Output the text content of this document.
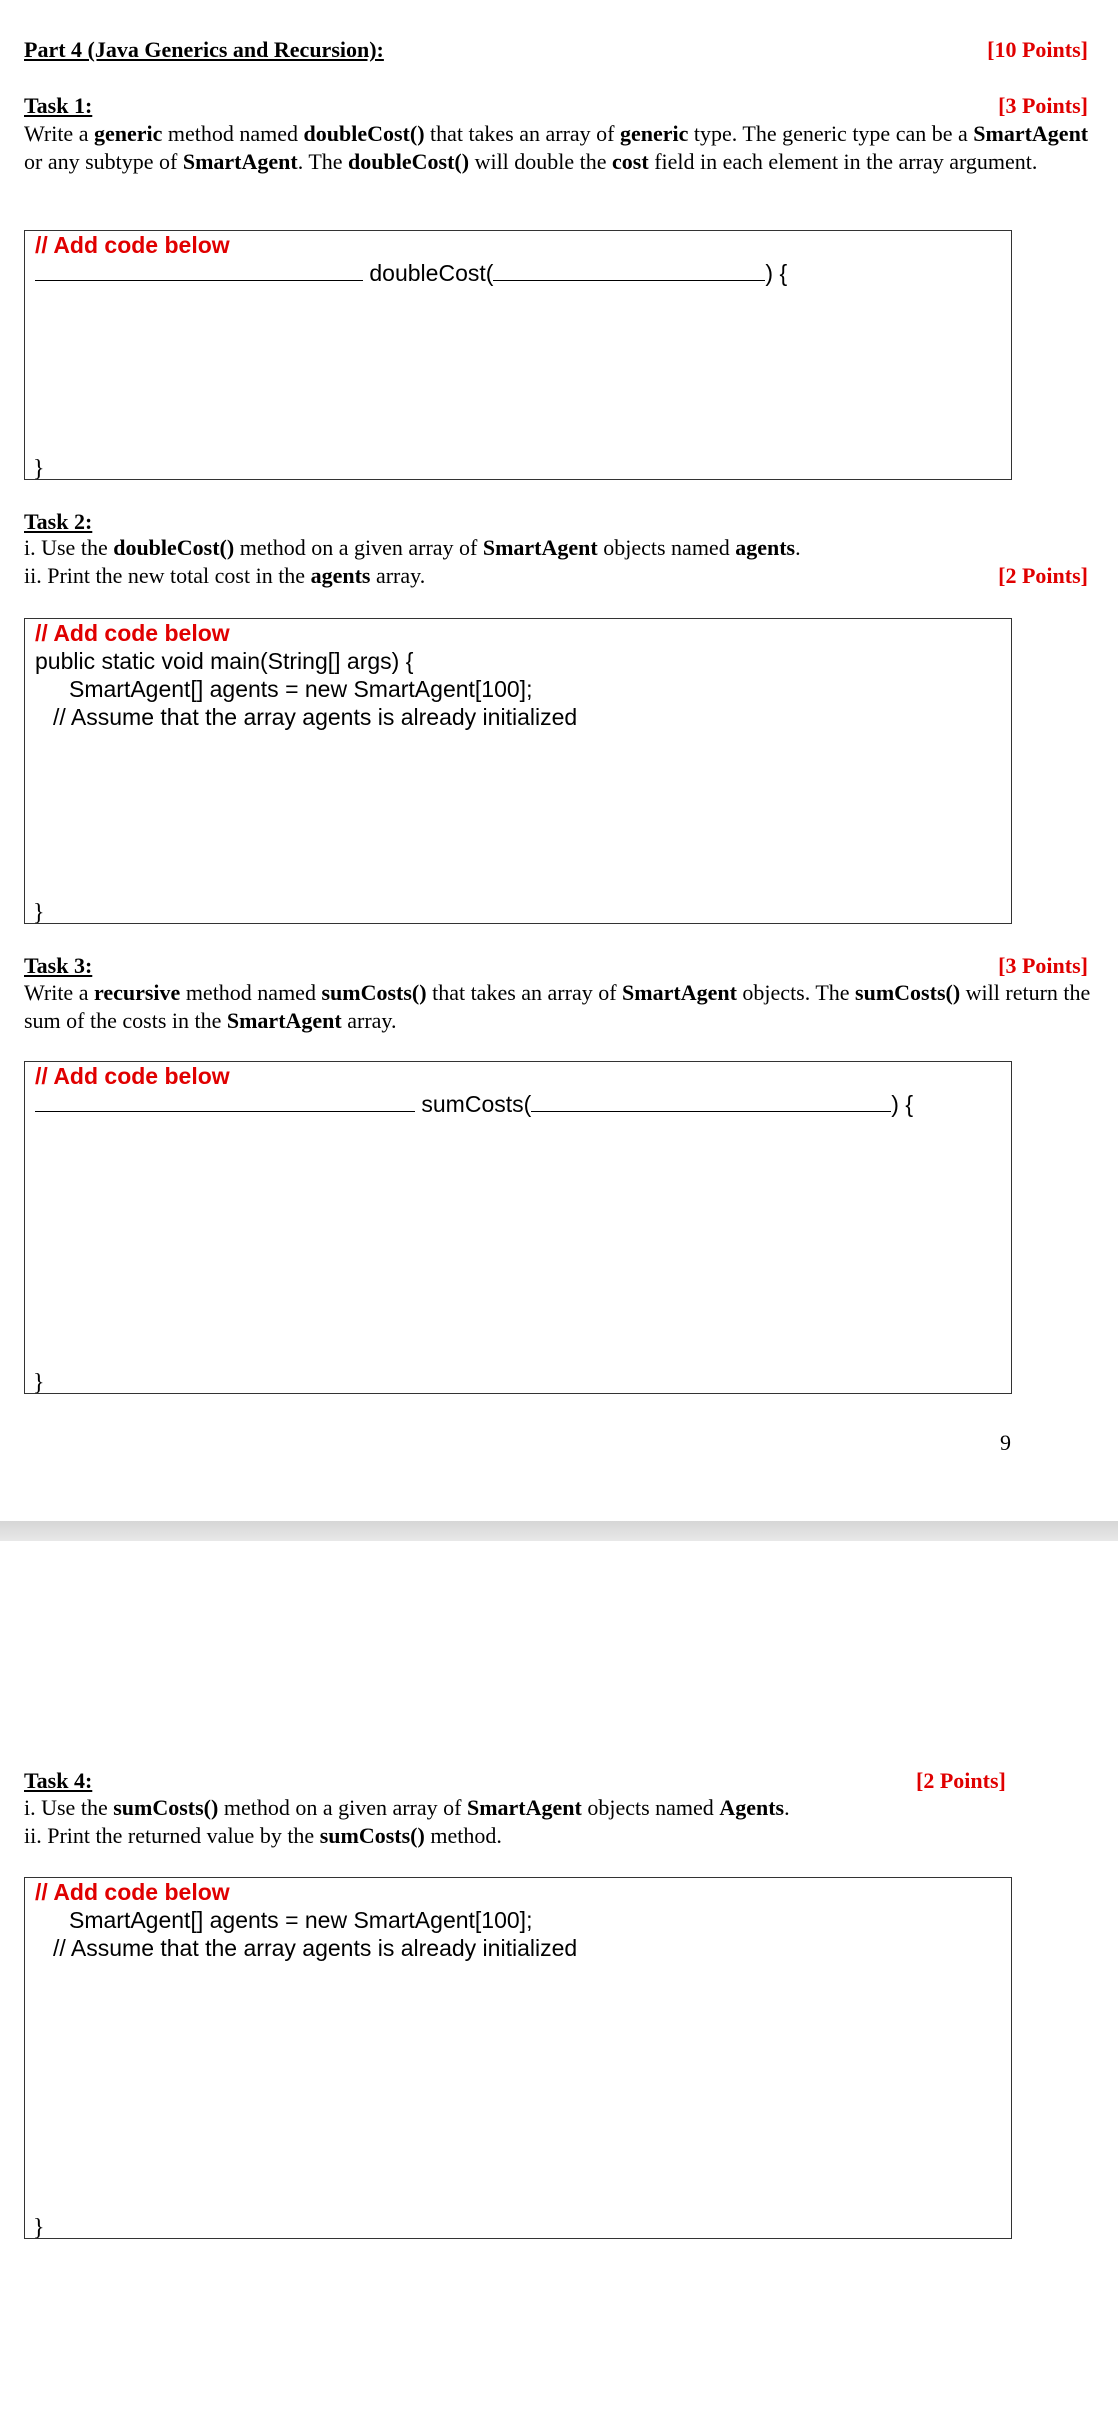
Part 4 (Java Generics and Recursion):	[10 Points]
Task 1:	[3 Points]
Write a generic method named doubleCost() that takes an array of generic type. The generic type can be a SmartAgent or any subtype of SmartAgent. The doubleCost() will double the cost field in each element in the array argument.
// Add code below
doubleCost(	) {
}
Task 2:
i. Use the doubleCost() method on a given array of SmartAgent objects named agents.
ii. Print the new total cost in the agents array.	[2 Points]
// Add code below
public static void main(String[] args) {
SmartAgent[] agents = new SmartAgent[100];
// Assume that the array agents is already initialized
}
Task 3:	[3 Points]
Write a recursive method named sumCosts() that takes an array of SmartAgent objects. The sumCosts() will return the sum of the costs in the SmartAgent array.
// Add code below
sumCosts(	) {
}
9
Task 4:	[2 Points]
i. Use the sumCosts() method on a given array of SmartAgent objects named Agents.
ii. Print the returned value by the sumCosts() method.
// Add code below
SmartAgent[] agents = new SmartAgent[100];
// Assume that the array agents is already initialized
}
